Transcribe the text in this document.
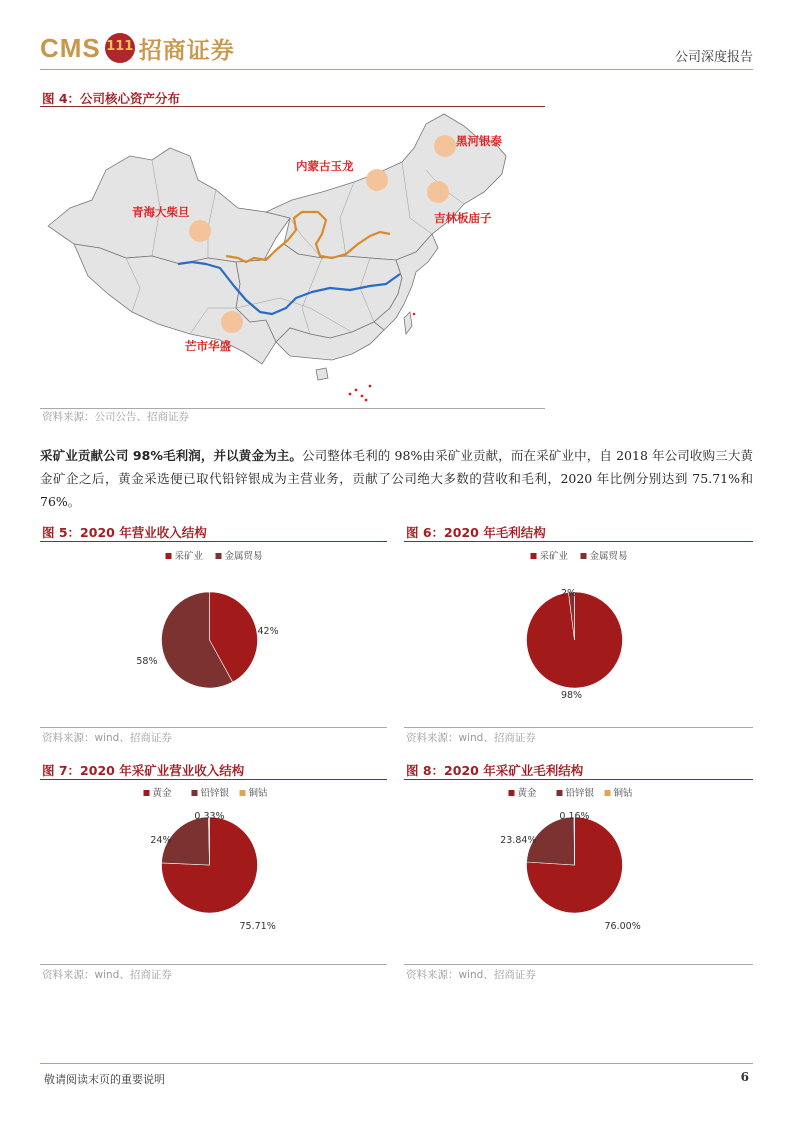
CMS 111 招商证券	公司深度报告
图 4：公司核心资产分布
黑河银泰
内蒙古玉龙
吉林板庙子
青海大柴旦
芒市华盛
资料来源：公司公告、招商证券
采矿业贡献公司 98%毛利润，并以黄金为主。公司整体毛利的 98%由采矿业贡献，而在采矿业中，自 2018 年公司收购三大黄金矿企之后，黄金采选便已取代铅锌银成为主营业务，贡献了公司绝大多数的营收和毛利，2020 年比例分别达到 75.71%和 76%。
图 5：2020 年营业收入结构
采矿业 金属贸易
42%
58%
资料来源：wind、招商证券
图 6：2020 年毛利结构
采矿业 金属贸易
98%
2%
资料来源：wind、招商证券
图 7：2020 年采矿业营业收入结构
黄金	铅锌银 铜钴
75.71%
24%
0.33%
资料来源：wind、招商证券
图 8：2020 年采矿业毛利结构
黄金	铅锌银 铜钴
76.00%
23.84%
0.16%
资料来源：wind、招商证券
敬请阅读末页的重要说明	6
